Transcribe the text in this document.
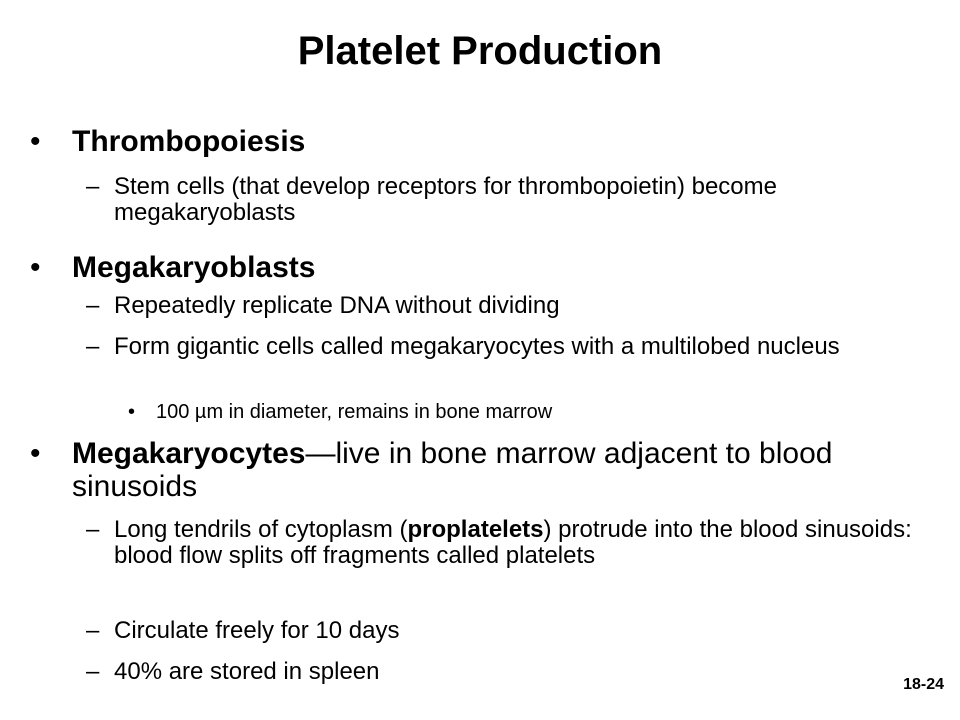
Platelet Production
• Thrombopoiesis
– Stem cells (that develop receptors for thrombopoietin) become megakaryoblasts
• Megakaryoblasts
– Repeatedly replicate DNA without dividing
– Form gigantic cells called megakaryocytes with a multilobed nucleus
• 100 µm in diameter, remains in bone marrow
• Megakaryocytes—live in bone marrow adjacent to blood sinusoids
– Long tendrils of cytoplasm (proplatelets) protrude into the blood sinusoids: blood flow splits off fragments called platelets
– Circulate freely for 10 days
– 40% are stored in spleen	18-24
